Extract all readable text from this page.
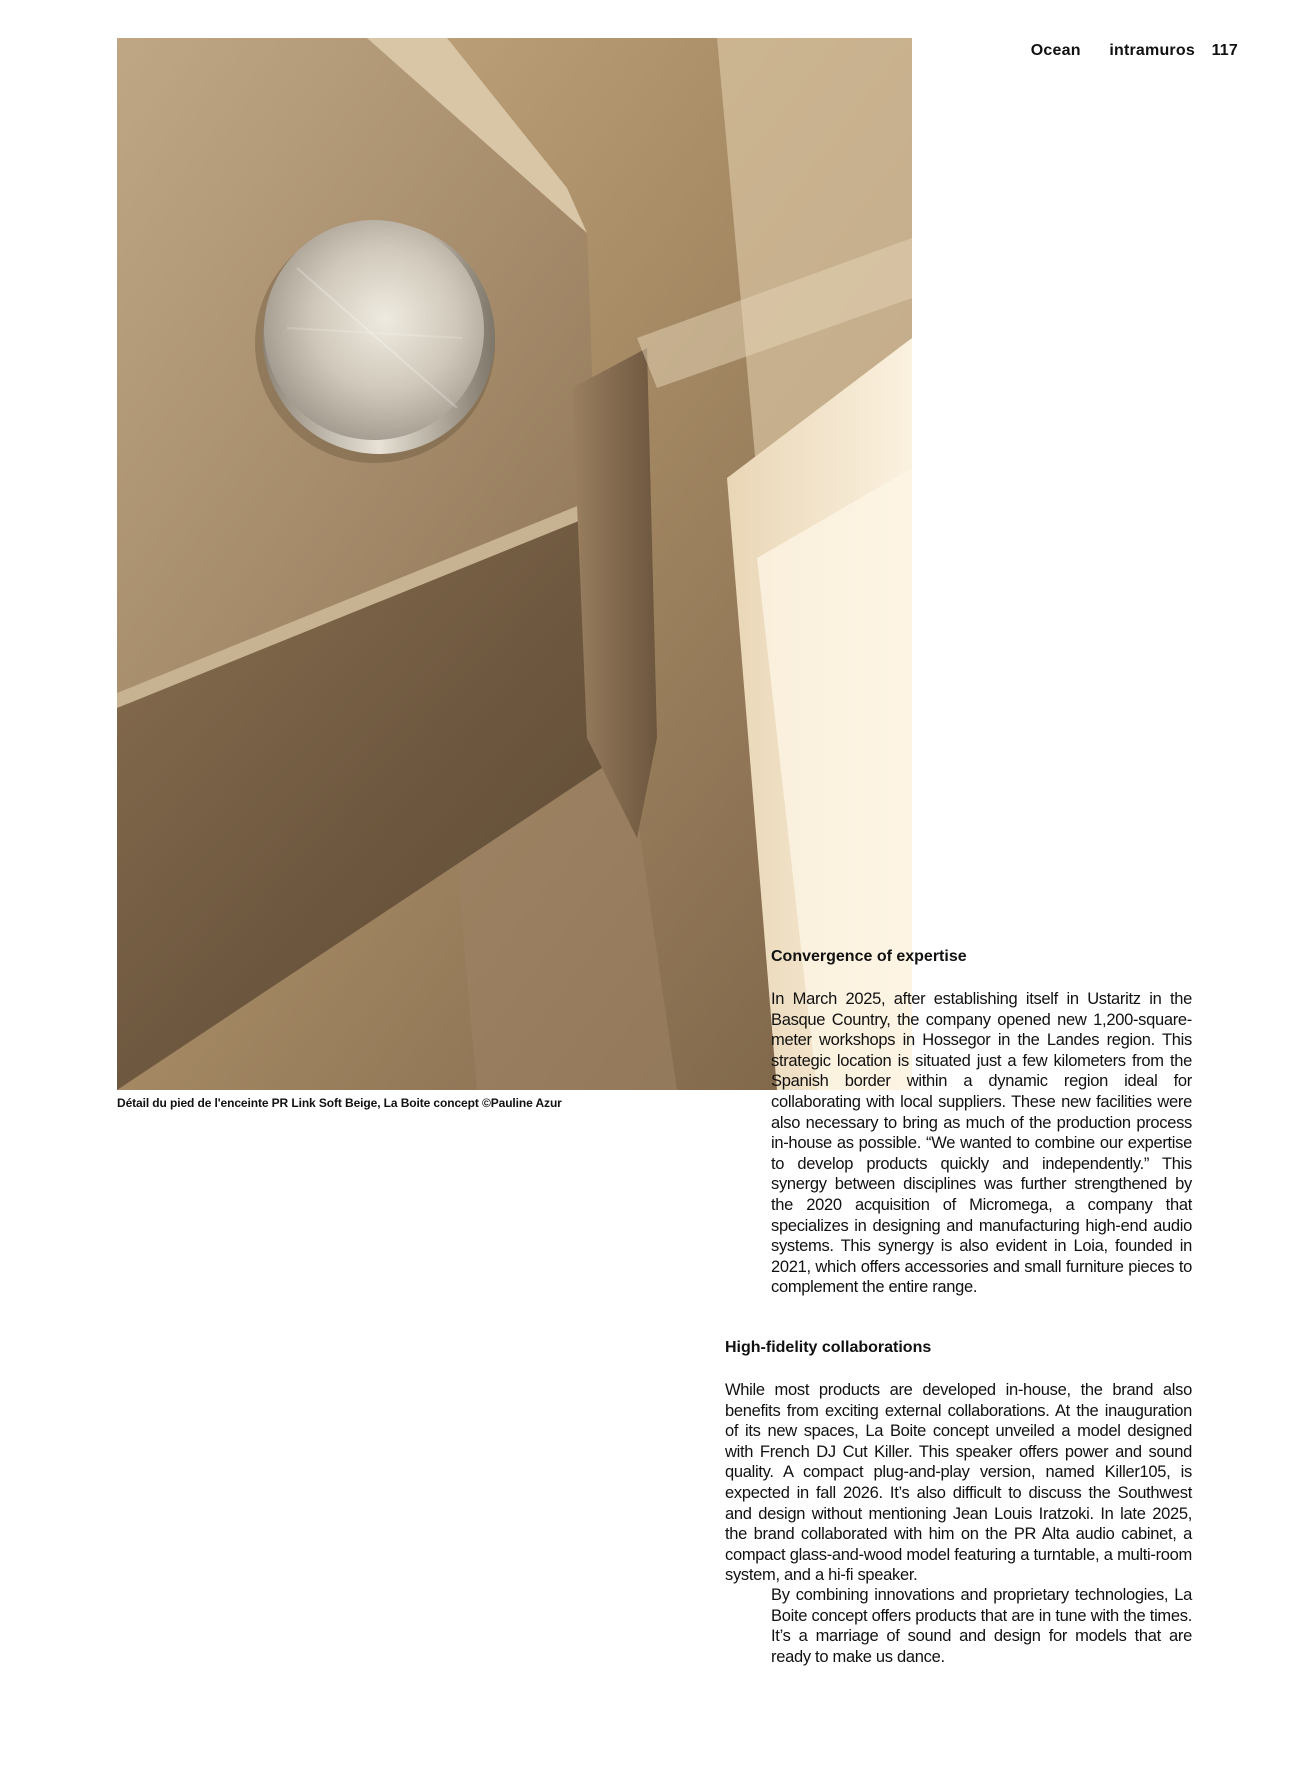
Ocean intramuros 117
Détail du pied de l'enceinte PR Link Soft Beige, La Boite concept ©Pauline Azur
Convergence of expertise

In March 2025, after establishing itself in Ustaritz in the Basque Country, the company opened new 1,200-square-meter workshops in Hossegor in the Landes region. This strategic location is situated just a few kilometers from the Spanish border within a dynamic region ideal for collaborating with local suppliers. These new facilities were also necessary to bring as much of the production process in-house as possible. “We wanted to combine our expertise to develop products quickly and independently.” This synergy between disciplines was further strengthened by the 2020 acquisition of Micromega, a company that specializes in designing and manufacturing high-end audio systems. This synergy is also evident in Loia, founded in 2021, which offers accessories and small furniture pieces to complement the entire range.

High-fidelity collaborations

While most products are developed in-house, the brand also benefits from exciting external collaborations. At the inauguration of its new spaces, La Boite concept unveiled a model designed with French DJ Cut Killer. This speaker offers power and sound quality. A compact plug-and-play version, named Killer105, is expected in fall 2026. It’s also difficult to discuss the Southwest and design without mentioning Jean Louis Iratzoki. In late 2025, the brand collaborated with him on the PR Alta audio cabinet, a compact glass-and-wood model featuring a turntable, a multi-room system, and a hi-fi speaker.

By combining innovations and proprietary technologies, La Boite concept offers products that are in tune with the times. It’s a marriage of sound and design for models that are ready to make us dance.
